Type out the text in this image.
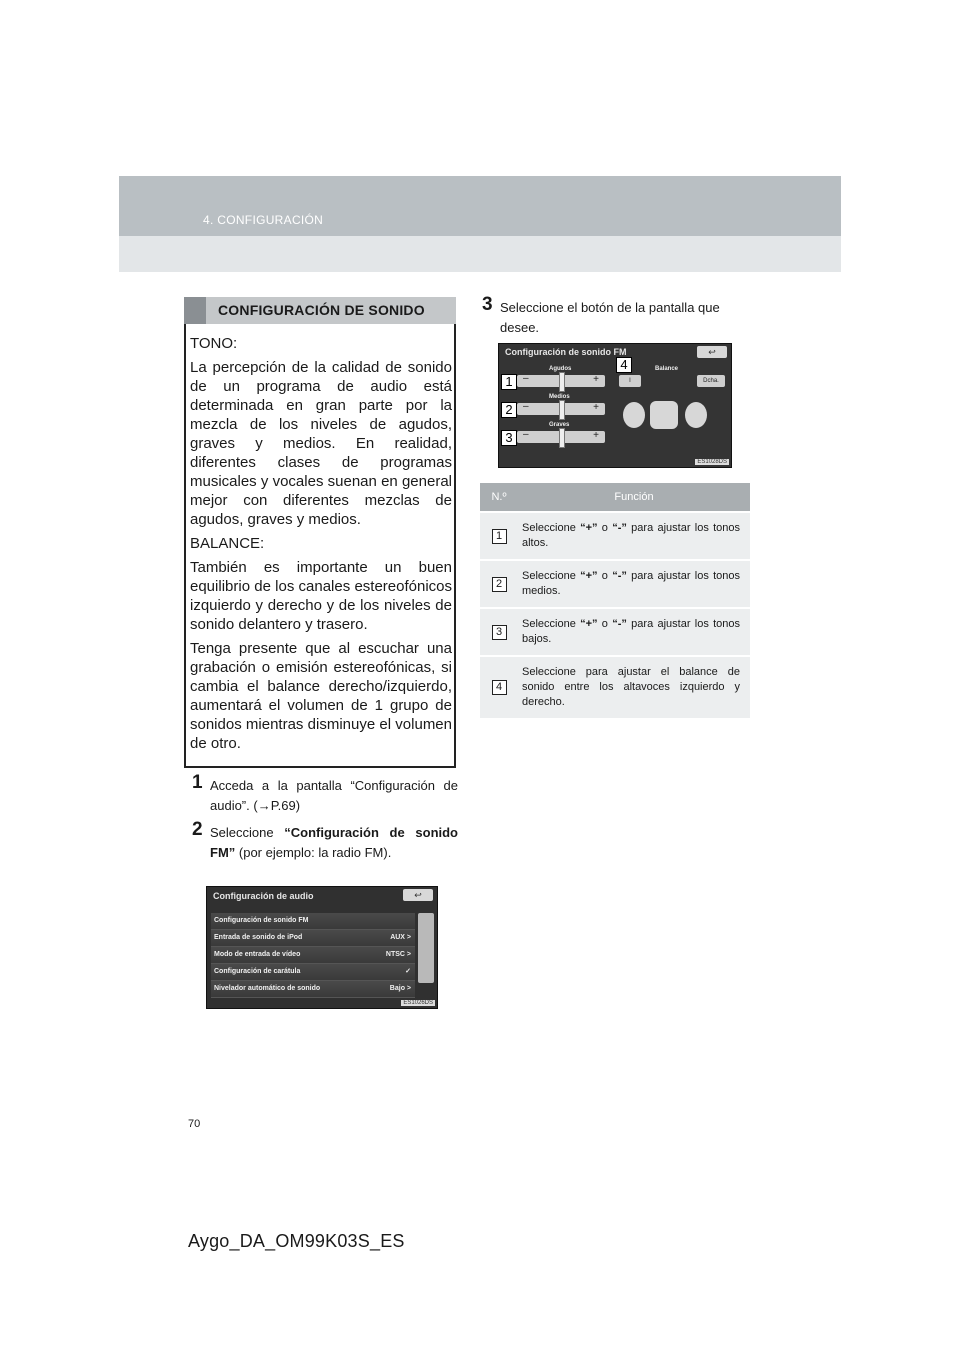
4. CONFIGURACIÓN
CONFIGURACIÓN DE SONIDO

TONO:

La percepción de la calidad de sonido de un programa de audio está determinada en gran parte por la mezcla de los niveles de agudos, graves y medios. En realidad, diferentes clases de programas musicales y vocales suenan en general mejor con diferentes mezclas de agudos, graves y medios.

BALANCE:

También es importante un buen equilibrio de los canales estereofónicos izquierdo y derecho y de los niveles de sonido delantero y trasero.

Tenga presente que al escuchar una grabación o emisión estereofónicas, si cambia el balance derecho/izquierdo, aumentará el volumen de 1 grupo de sonidos mientras disminuye el volumen de otro.

1 Acceda a la pantalla “Configuración de audio”. (→P.69)

2 Seleccione “Configuración de sonido FM” (por ejemplo: la radio FM).

3 Seleccione el botón de la pantalla que desee.

Configuración de audio	↩
Configuración de sonido FM
Entrada de sonido de iPod	AUX >
Modo de entrada de vídeo	NTSC >
Configuración de carátula	✓
Nivelador automático de sonido	Bajo >
ES1026DS
Configuración de sonido FM	↩
Agudos
–	+
Medios
–	+
Graves
–	+
I
Balance
Dcha.
1
2
3
4
ES1028DS
N.º	Función
1	Seleccione “+” o “-” para ajustar los tonos altos.
2	Seleccione “+” o “-” para ajustar los tonos medios.
3	Seleccione “+” o “-” para ajustar los tonos bajos.
4	Seleccione para ajustar el balance de sonido entre los altavoces izquierdo y derecho.
70
Aygo_DA_OM99K03S_ES
